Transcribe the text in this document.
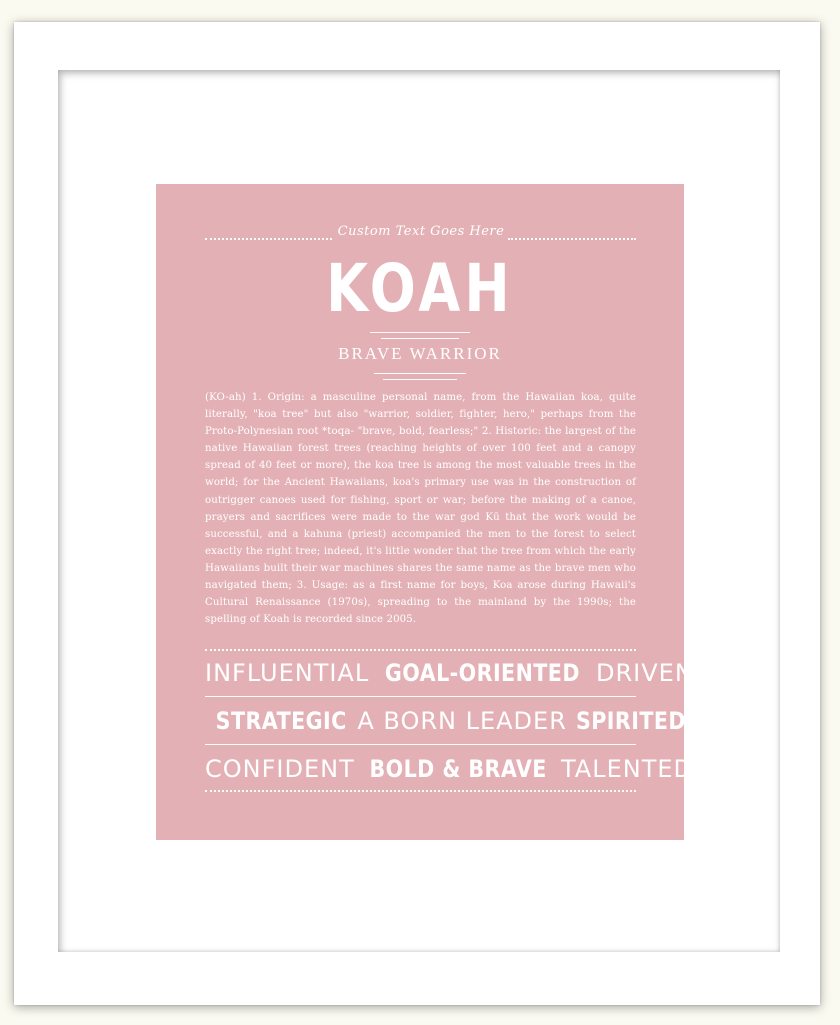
Custom Text Goes Here
KOAH
BRAVE WARRIOR
(KO-ah) 1. Origin: a masculine personal name, from the Hawaiian koa, quite literally, "koa tree" but also "warrior, soldier, fighter, hero," perhaps from the Proto-Polynesian root *toqa- "brave, bold, fearless;" 2. Historic: the largest of the native Hawaiian forest trees (reaching heights of over 100 feet and a canopy spread of 40 feet or more), the koa tree is among the most valuable trees in the world; for the Ancient Hawaiians, koa's primary use was in the construction of outrigger canoes used for fishing, sport or war; before the making of a canoe, prayers and sacrifices were made to the war god Kū that the work would be successful, and a kahuna (priest) accompanied the men to the forest to select exactly the right tree; indeed, it's little wonder that the tree from which the early Hawaiians built their war machines shares the same name as the brave men who navigated them; 3. Usage: as a first name for boys, Koa arose during Hawaii's Cultural Renaissance (1970s), spreading to the mainland by the 1990s; the spelling of Koah is recorded since 2005.
INFLUENTIAL GOAL-ORIENTED DRIVEN
STRATEGIC A BORN LEADER SPIRITED
CONFIDENT BOLD & BRAVE TALENTED
